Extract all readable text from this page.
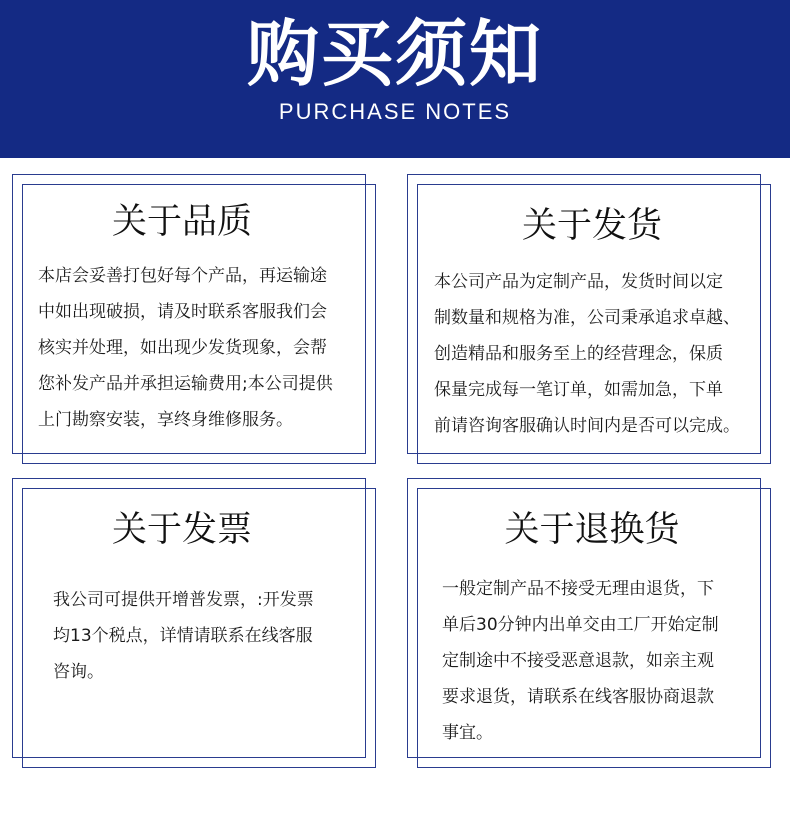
购买须知
PURCHASE NOTES
关于品质
本店会妥善打包好每个产品，再运输途
中如出现破损，请及时联系客服我们会
核实并处理，如出现少发货现象，会帮
您补发产品并承担运输费用;本公司提供
上门勘察安装，享终身维修服务。
关于发货
本公司产品为定制产品，发货时间以定
制数量和规格为准，公司秉承追求卓越、
创造精品和服务至上的经营理念，保质
保量完成每一笔订单，如需加急，下单
前请咨询客服确认时间内是否可以完成。
关于发票
我公司可提供开增普发票，:开发票
均13个税点，详情请联系在线客服
咨询。
关于退换货
一般定制产品不接受无理由退货，下
单后30分钟内出单交由工厂开始定制
定制途中不接受恶意退款，如亲主观
要求退货，请联系在线客服协商退款
事宜。
